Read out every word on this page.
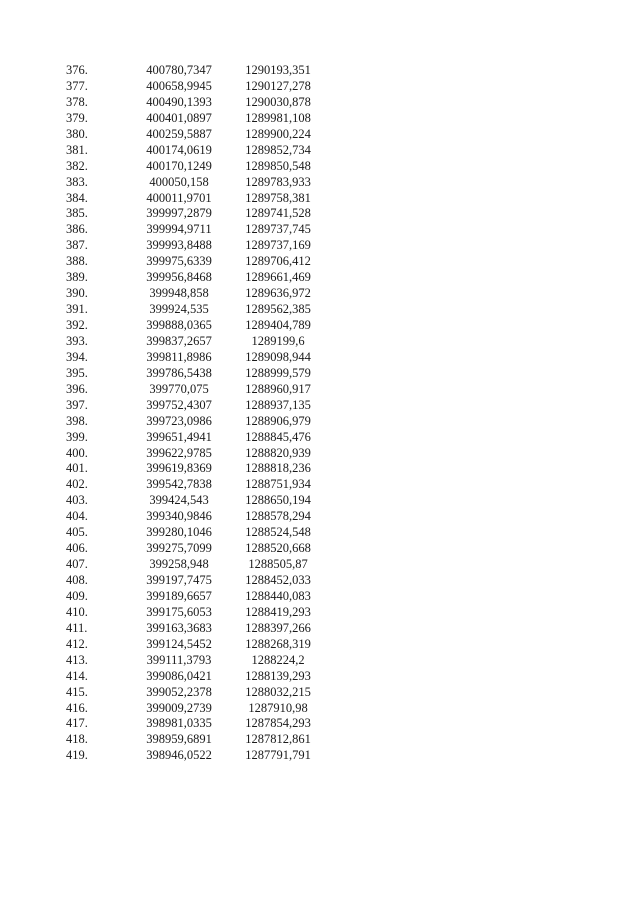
376.	400780,7347	1290193,351
377.	400658,9945	1290127,278
378.	400490,1393	1290030,878
379.	400401,0897	1289981,108
380.	400259,5887	1289900,224
381.	400174,0619	1289852,734
382.	400170,1249	1289850,548
383.	400050,158	1289783,933
384.	400011,9701	1289758,381
385.	399997,2879	1289741,528
386.	399994,9711	1289737,745
387.	399993,8488	1289737,169
388.	399975,6339	1289706,412
389.	399956,8468	1289661,469
390.	399948,858	1289636,972
391.	399924,535	1289562,385
392.	399888,0365	1289404,789
393.	399837,2657	1289199,6
394.	399811,8986	1289098,944
395.	399786,5438	1288999,579
396.	399770,075	1288960,917
397.	399752,4307	1288937,135
398.	399723,0986	1288906,979
399.	399651,4941	1288845,476
400.	399622,9785	1288820,939
401.	399619,8369	1288818,236
402.	399542,7838	1288751,934
403.	399424,543	1288650,194
404.	399340,9846	1288578,294
405.	399280,1046	1288524,548
406.	399275,7099	1288520,668
407.	399258,948	1288505,87
408.	399197,7475	1288452,033
409.	399189,6657	1288440,083
410.	399175,6053	1288419,293
411.	399163,3683	1288397,266
412.	399124,5452	1288268,319
413.	399111,3793	1288224,2
414.	399086,0421	1288139,293
415.	399052,2378	1288032,215
416.	399009,2739	1287910,98
417.	398981,0335	1287854,293
418.	398959,6891	1287812,861
419.	398946,0522	1287791,791
